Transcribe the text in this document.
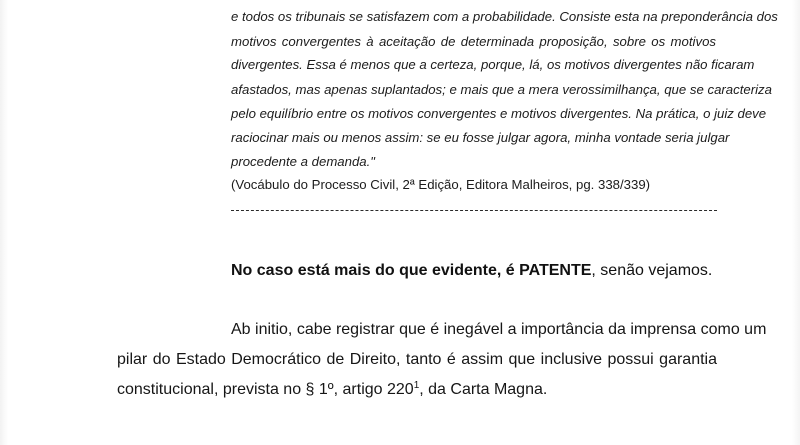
e todos os tribunais se satisfazem com a probabilidade. Consiste esta na preponderância dos
motivos convergentes à aceitação de determinada proposição, sobre os motivos
divergentes. Essa é menos que a certeza, porque, lá, os motivos divergentes não ficaram
afastados, mas apenas suplantados; e mais que a mera verossimilhança, que se caracteriza
pelo equilíbrio entre os motivos convergentes e motivos divergentes. Na prática, o juiz deve
raciocinar mais ou menos assim: se eu fosse julgar agora, minha vontade seria julgar
procedente a demanda."
(Vocábulo do Processo Civil, 2ª Edição, Editora Malheiros, pg. 338/339)
No caso está mais do que evidente, é PATENTE, senão vejamos.
Ab initio, cabe registrar que é inegável a importância da imprensa como um
pilar do Estado Democrático de Direito, tanto é assim que inclusive possui garantia
constitucional, prevista no § 1º, artigo $220^1$, da Carta Magna.
